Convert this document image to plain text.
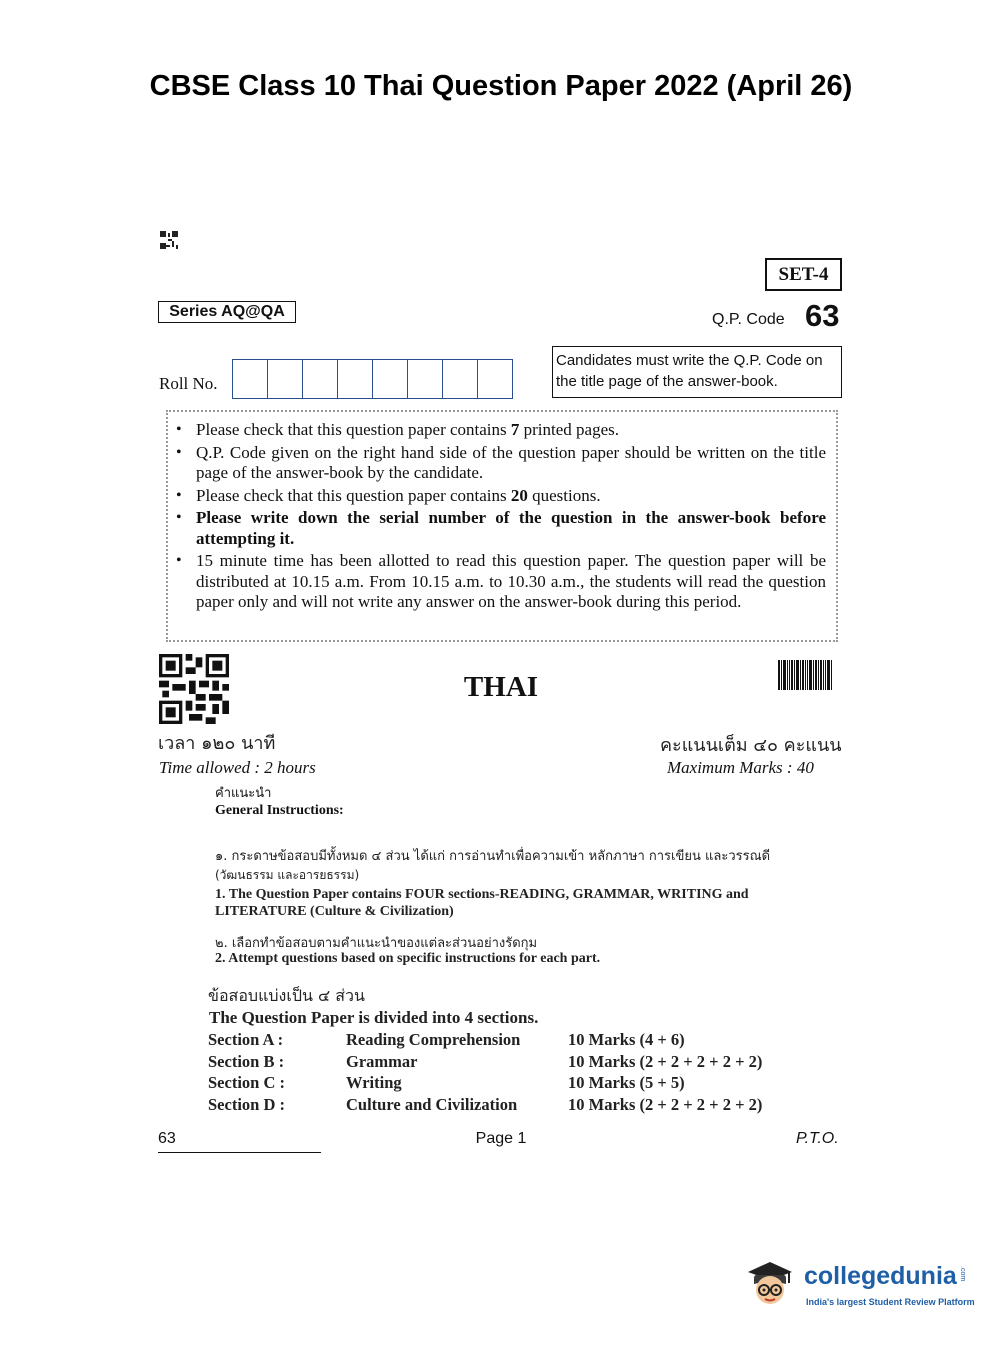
CBSE Class 10 Thai Question Paper 2022 (April 26)
SET-4
Series AQ@QA	Q.P. Code 63
Roll No.
Candidates must write the Q.P. Code on the title page of the answer-book.
• Please check that this question paper contains 7 printed pages.
• Q.P. Code given on the right hand side of the question paper should be written on the title page of the answer-book by the candidate.
• Please check that this question paper contains 20 questions.
• Please write down the serial number of the question in the answer-book before attempting it.
• 15 minute time has been allotted to read this question paper. The question paper will be distributed at 10.15 a.m. From 10.15 a.m. to 10.30 a.m., the students will read the question paper only and will not write any answer on the answer-book during this period.
THAI
เวลา ๑๒๐ นาที	คะแนนเต็ม ๔๐ คะแนน
Time allowed : 2 hours	Maximum Marks : 40
คำแนะนำ
General Instructions:
๑. กระดาษข้อสอบมีทั้งหมด ๔ ส่วน ได้แก่ การอ่านทำเพื่อความเข้า หลักภาษา การเขียน และวรรณดี
(วัฒนธรรม และอารยธรรม)
1. The Question Paper contains FOUR sections-READING, GRAMMAR, WRITING and LITERATURE (Culture & Civilization)
๒. เลือกทำข้อสอบตามคำแนะนำของแต่ละส่วนอย่างรัดกุม
2. Attempt questions based on specific instructions for each part.
ข้อสอบแบ่งเป็น ๔ ส่วน
The Question Paper is divided into 4 sections.
Section A :	Reading Comprehension	10 Marks (4 + 6)
Section B :	Grammar	10 Marks (2 + 2 + 2 + 2 + 2)
Section C :	Writing	10 Marks (5 + 5)
Section D :	Culture and Civilization	10 Marks (2 + 2 + 2 + 2 + 2)
63	Page 1	P.T.O.
collegedunia .com
India's largest Student Review Platform
